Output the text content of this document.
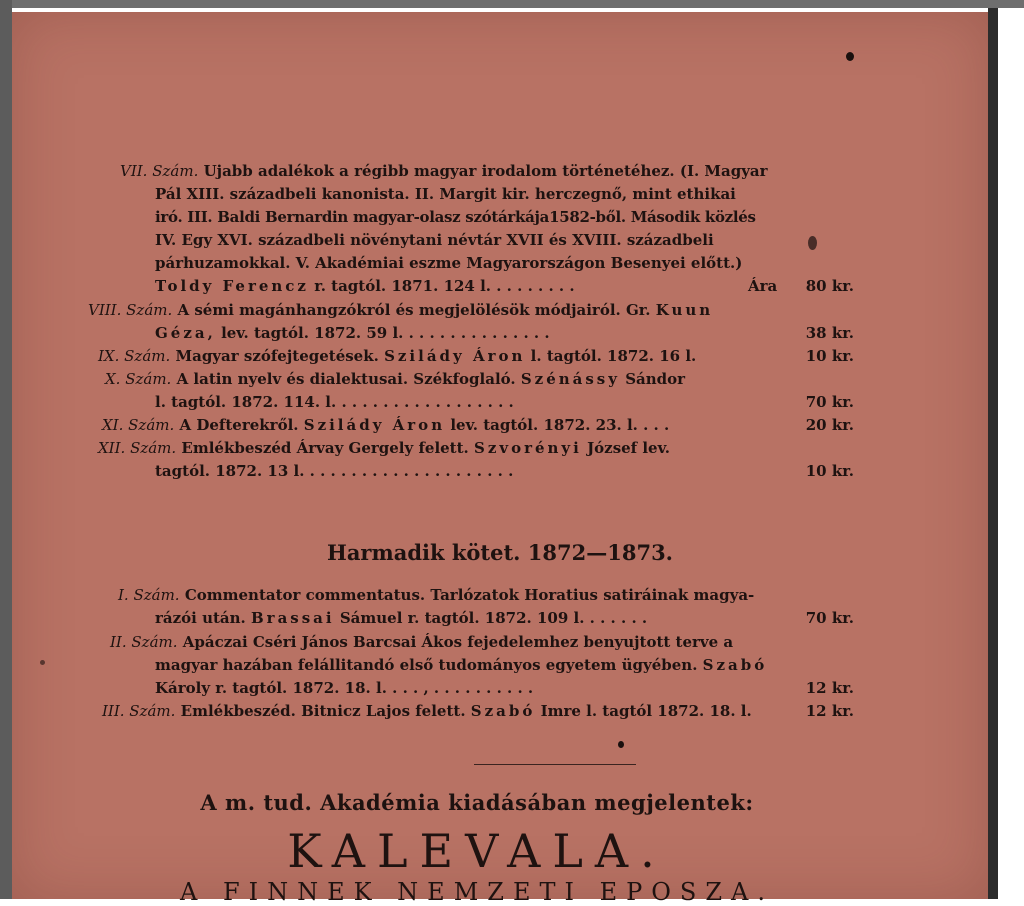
VII. Szám. Ujabb adalékok a régibb magyar irodalom történetéhez. (I. Magyar
Pál XIII. századbeli kanonista. II. Margit kir. herczegnő, mint ethikai
iró. III. Baldi Bernardin magyar-olasz szótárkája1582-ből. Második közlés
IV. Egy XVI. századbeli növénytani névtár XVII és XVIII. századbeli
párhuzamokkal. V. Akadémiai eszme Magyarországon Besenyei előtt.)
Toldy Ferencz r. tagtól. 1871. 124 l. . . . . . . . .	Ára	80 kr.
VIII. Szám. A sémi magánhangzókról és megjelölésök módjairól. Gr. Kuun
Géza, lev. tagtól. 1872. 59 l. . . . . . . . . . . . . . .	38 kr.
IX. Szám. Magyar szófejtegetések. Szilády Áron l. tagtól. 1872. 16 l.	10 kr.
X. Szám. A latin nyelv és dialektusai. Székfoglaló. Szénássy Sándor
l. tagtól. 1872. 114. l. . . . . . . . . . . . . . . . . .	70 kr.
XI. Szám. A Defterekről. Szilády Áron lev. tagtól. 1872. 23. l. . . .	20 kr.
XII. Szám. Emlékbeszéd Árvay Gergely felett. Szvorényi József lev.
tagtól. 1872. 13 l. . . . . . . . . . . . . . . . . . . . .	10 kr.
Harmadik kötet. 1872—1873.
I. Szám. Commentator commentatus. Tarlózatok Horatius satiráinak magya-
rázói után. Brassai Sámuel r. tagtól. 1872. 109 l. . . . . . .	70 kr.
II. Szám. Apáczai Cséri János Barcsai Ákos fejedelemhez benyujtott terve a
magyar hazában felállitandó első tudományos egyetem ügyében. Szabó
Károly r. tagtól. 1872. 18. l. . . . , . . . . . . . . . .	12 kr.
III. Szám. Emlékbeszéd. Bitnicz Lajos felett. Szabó Imre l. tagtól 1872. 18. l.	12 kr.
A m. tud. Akadémia kiadásában megjelentek:
KALEVALA.
A FINNEK NEMZETI EPOSZA.
